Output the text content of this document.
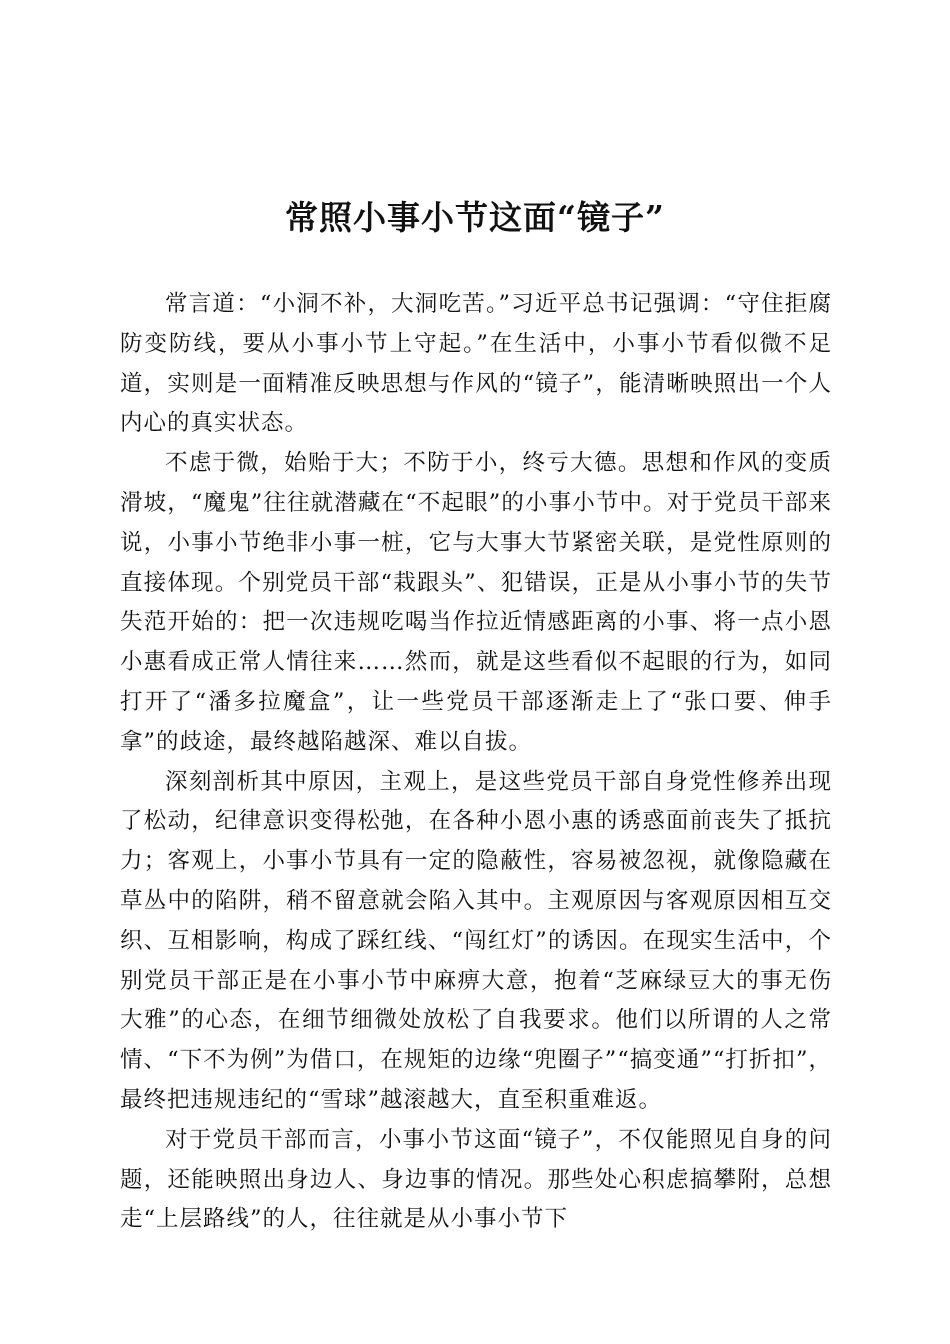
常照小事小节这面“镜子”

常言道：“小洞不补，大洞吃苦。”习近平总书记强调：“守住拒腐防变防线，要从小事小节上守起。”在生活中，小事小节看似微不足道，实则是一面精准反映思想与作风的“镜子”，能清晰映照出一个人内心的真实状态。

不虑于微，始贻于大；不防于小，终亏大德。思想和作风的变质滑坡，“魔鬼”往往就潜藏在“不起眼”的小事小节中。对于党员干部来说，小事小节绝非小事一桩，它与大事大节紧密关联，是党性原则的直接体现。个别党员干部“栽跟头”、犯错误，正是从小事小节的失节失范开始的：把一次违规吃喝当作拉近情感距离的小事、将一点小恩小惠看成正常人情往来……然而，就是这些看似不起眼的行为，如同打开了“潘多拉魔盒”，让一些党员干部逐渐走上了“张口要、伸手拿”的歧途，最终越陷越深、难以自拔。

深刻剖析其中原因，主观上，是这些党员干部自身党性修养出现了松动，纪律意识变得松弛，在各种小恩小惠的诱惑面前丧失了抵抗力；客观上，小事小节具有一定的隐蔽性，容易被忽视，就像隐藏在草丛中的陷阱，稍不留意就会陷入其中。主观原因与客观原因相互交织、互相影响，构成了踩红线、“闯红灯”的诱因。在现实生活中，个别党员干部正是在小事小节中麻痹大意，抱着“芝麻绿豆大的事无伤大雅”的心态，在细节细微处放松了自我要求。他们以所谓的人之常情、“下不为例”为借口，在规矩的边缘“兜圈子”“搞变通”“打折扣”，最终把违规违纪的“雪球”越滚越大，直至积重难返。

对于党员干部而言，小事小节这面“镜子”，不仅能照见自身的问题，还能映照出身边人、身边事的情况。那些处心积虑搞攀附，总想走“上层路线”的人，往往就是从小事小节下
